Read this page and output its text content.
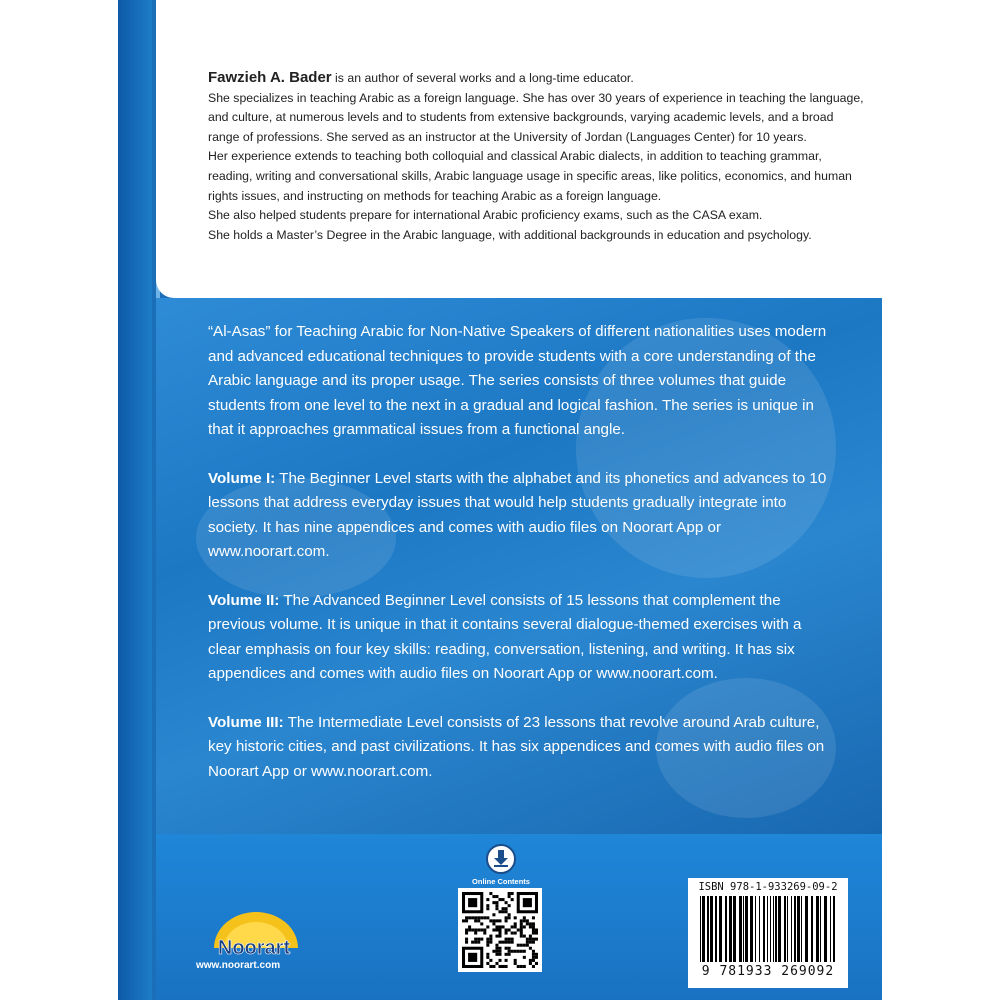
Fawzieh A. Bader is an author of several works and a long-time educator.

She specializes in teaching Arabic as a foreign language. She has over 30 years of experience in teaching the language, and culture, at numerous levels and to students from extensive backgrounds, varying academic levels, and a broad range of professions. She served as an instructor at the University of Jordan (Languages Center) for 10 years.

Her experience extends to teaching both colloquial and classical Arabic dialects, in addition to teaching grammar, reading, writing and conversational skills, Arabic language usage in specific areas, like politics, economics, and human rights issues, and instructing on methods for teaching Arabic as a foreign language.

She also helped students prepare for international Arabic proficiency exams, such as the CASA exam.

She holds a Master’s Degree in the Arabic language, with additional backgrounds in education and psychology.

“Al-Asas” for Teaching Arabic for Non-Native Speakers of different nationalities uses modern and advanced educational techniques to provide students with a core understanding of the Arabic language and its proper usage. The series consists of three volumes that guide students from one level to the next in a gradual and logical fashion. The series is unique in that it approaches grammatical issues from a functional angle.

Volume I: The Beginner Level starts with the alphabet and its phonetics and advances to 10 lessons that address everyday issues that would help students gradually integrate into society. It has nine appendices and comes with audio files on Noorart App or www.noorart.com.

Volume II: The Advanced Beginner Level consists of 15 lessons that complement the previous volume. It is unique in that it contains several dialogue-themed exercises with a clear emphasis on four key skills: reading, conversation, listening, and writing. It has six appendices and comes with audio files on Noorart App or www.noorart.com.

Volume III: The Intermediate Level consists of 23 lessons that revolve around Arab culture, key historic cities, and past civilizations. It has six appendices and comes with audio files on Noorart App or www.noorart.com.

Noorart
www.noorart.com
Online Contents	ISBN 978-1-933269-09-2
9 781933 269092
